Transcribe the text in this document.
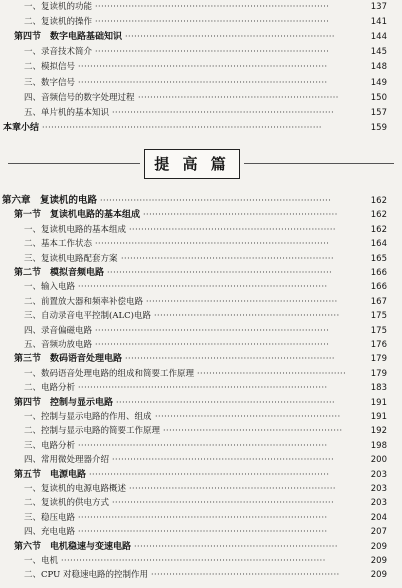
一、复读机的功能 ·············································································	137
二、复读机的操作 ·············································································	141
第四节　数字电路基础知识 ·····································································	144
一、录音技术简介 ·············································································	145
二、模拟信号 ··················································································	148
三、数字信号 ··················································································	149
四、音频信号的数字处理过程 ··································································	150
五、单片机的基本知识 ·········································································	157
本章小结 ····························································································	159
提 高 篇
第六章　复读机的电路 ············································································	162
第一节　复读机电路的基本组成 ································································	162
一、复读机电路的基本组成 ····································································	162
二、基本工作状态 ·············································································	164
三、复读机电路配套方案 ······································································	165
第二节　模拟音频电路 ··········································································	166
一、输入电路 ··················································································	166
二、前置放大器和频率补偿电路 ·······························································	167
三、自动录音电平控制(ALC)电路 ·····························································	175
四、录音偏磁电路 ·············································································	175
五、音频功放电路 ·············································································	176
第三节　数码语音处理电路 ·····································································	179
一、数码语音处理电路的组成和简要工作原理 ·················································	179
二、电路分析 ··················································································	183
第四节　控制与显示电路 ········································································	191
一、控制与显示电路的作用、组成 ·····························································	191
二、控制与显示电路的简要工作原理 ···························································	192
三、电路分析 ··················································································	198
四、常用微处理器介绍 ·········································································	200
第五节　电源电路 ···············································································	203
一、复读机的电源电路概述 ····································································	203
二、复读机的供电方式 ·········································································	203
三、稳压电路 ··················································································	204
四、充电电路 ··················································································	207
第六节　电机稳速与变速电路 ···································································	209
一、电机 ·······················································································	209
二、CPU 对稳速电路的控制作用 ······························································	209
